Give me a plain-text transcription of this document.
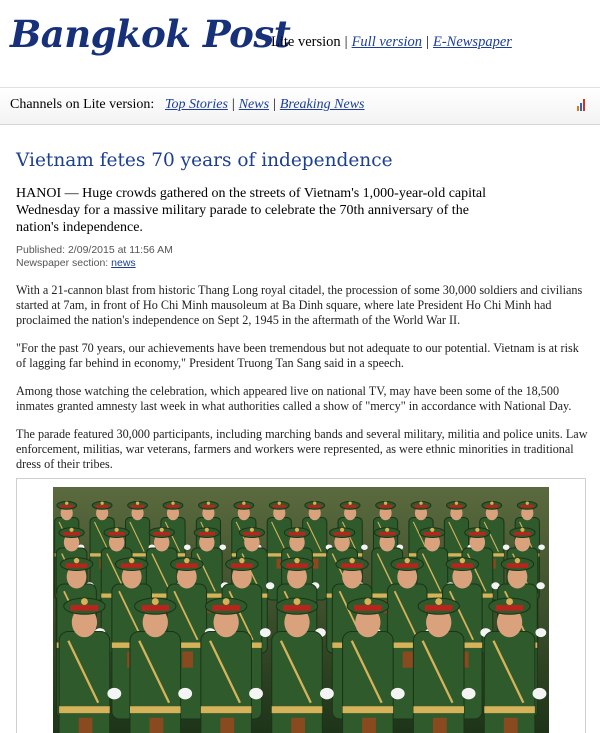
Bangkok Post
Lite version | Full version | E-Newspaper
Channels on Lite version: Top Stories | News | Breaking News
Vietnam fetes 70 years of independence

HANOI — Huge crowds gathered on the streets of Vietnam's 1,000-year-old capital Wednesday for a massive military parade to celebrate the 70th anniversary of the nation's independence.

Published: 2/09/2015 at 11:56 AM
Newspaper section: news

With a 21-cannon blast from historic Thang Long royal citadel, the procession of some 30,000 soldiers and civilians started at 7am, in front of Ho Chi Minh mausoleum at Ba Dinh square, where late President Ho Chi Minh had proclaimed the nation's independence on Sept 2, 1945 in the aftermath of the World War II.

"For the past 70 years, our achievements have been tremendous but not adequate to our potential. Vietnam is at risk of lagging far behind in economy," President Truong Tan Sang said in a speech.

Among those watching the celebration, which appeared live on national TV, may have been some of the 18,500 inmates granted amnesty last week in what authorities called a show of "mercy" in accordance with National Day.

The parade featured 30,000 participants, including marching bands and several military, militia and police units. Law enforcement, militias, war veterans, farmers and workers were represented, as were ethnic minorities in traditional dress of their tribes.
